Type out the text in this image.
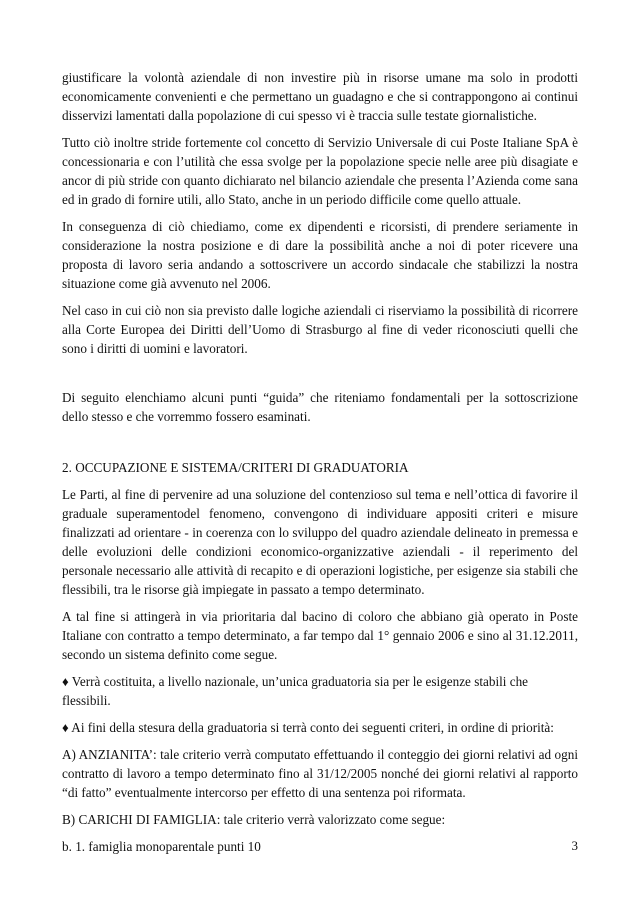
giustificare la volontà aziendale di non investire più in risorse umane ma solo in prodotti economicamente convenienti e che permettano un guadagno e che si contrappongono ai continui disservizi lamentati dalla popolazione di cui spesso vi è traccia sulle testate giornalistiche.

Tutto ciò inoltre stride fortemente col concetto di Servizio Universale di cui Poste Italiane SpA è concessionaria e con l’utilità che essa svolge per la popolazione specie nelle aree più disagiate e ancor di più stride con quanto dichiarato nel bilancio aziendale che presenta l’Azienda come sana ed in grado di fornire utili, allo Stato, anche in un periodo difficile come quello attuale.

In conseguenza di ciò chiediamo, come ex dipendenti e ricorsisti, di prendere seriamente in considerazione la nostra posizione e di dare la possibilità anche a noi di poter ricevere una proposta di lavoro seria andando a sottoscrivere un accordo sindacale che stabilizzi la nostra situazione come già avvenuto nel 2006.

Nel caso in cui ciò non sia previsto dalle logiche aziendali ci riserviamo la possibilità di ricorrere alla Corte Europea dei Diritti dell’Uomo di Strasburgo al fine di veder riconosciuti quelli che sono i diritti di uomini e lavoratori.

Di seguito elenchiamo alcuni punti “guida” che riteniamo fondamentali per la sottoscrizione dello stesso e che vorremmo fossero esaminati.

2. OCCUPAZIONE E SISTEMA/CRITERI DI GRADUATORIA

Le Parti, al fine di pervenire ad una soluzione del contenzioso sul tema e nell’ottica di favorire il graduale superamentodel fenomeno, convengono di individuare appositi criteri e misure finalizzati ad orientare - in coerenza con lo sviluppo del quadro aziendale delineato in premessa e delle evoluzioni delle condizioni economico-organizzative aziendali - il reperimento del personale necessario alle attività di recapito e di operazioni logistiche, per esigenze sia stabili che flessibili, tra le risorse già impiegate in passato a tempo determinato.

A tal fine si attingerà in via prioritaria dal bacino di coloro che abbiano già operato in Poste Italiane con contratto a tempo determinato, a far tempo dal 1° gennaio 2006 e sino al 31.12.2011, secondo un sistema definito come segue.

♦ Verrà costituita, a livello nazionale, un’unica graduatoria sia per le esigenze stabili che flessibili.

♦ Ai fini della stesura della graduatoria si terrà conto dei seguenti criteri, in ordine di priorità:

A) ANZIANITA’: tale criterio verrà computato effettuando il conteggio dei giorni relativi ad ogni contratto di lavoro a tempo determinato fino al 31/12/2005 nonché dei giorni relativi al rapporto “di fatto” eventualmente intercorso per effetto di una sentenza poi riformata.

B) CARICHI DI FAMIGLIA: tale criterio verrà valorizzato come segue:

b. 1. famiglia monoparentale punti 10	3
